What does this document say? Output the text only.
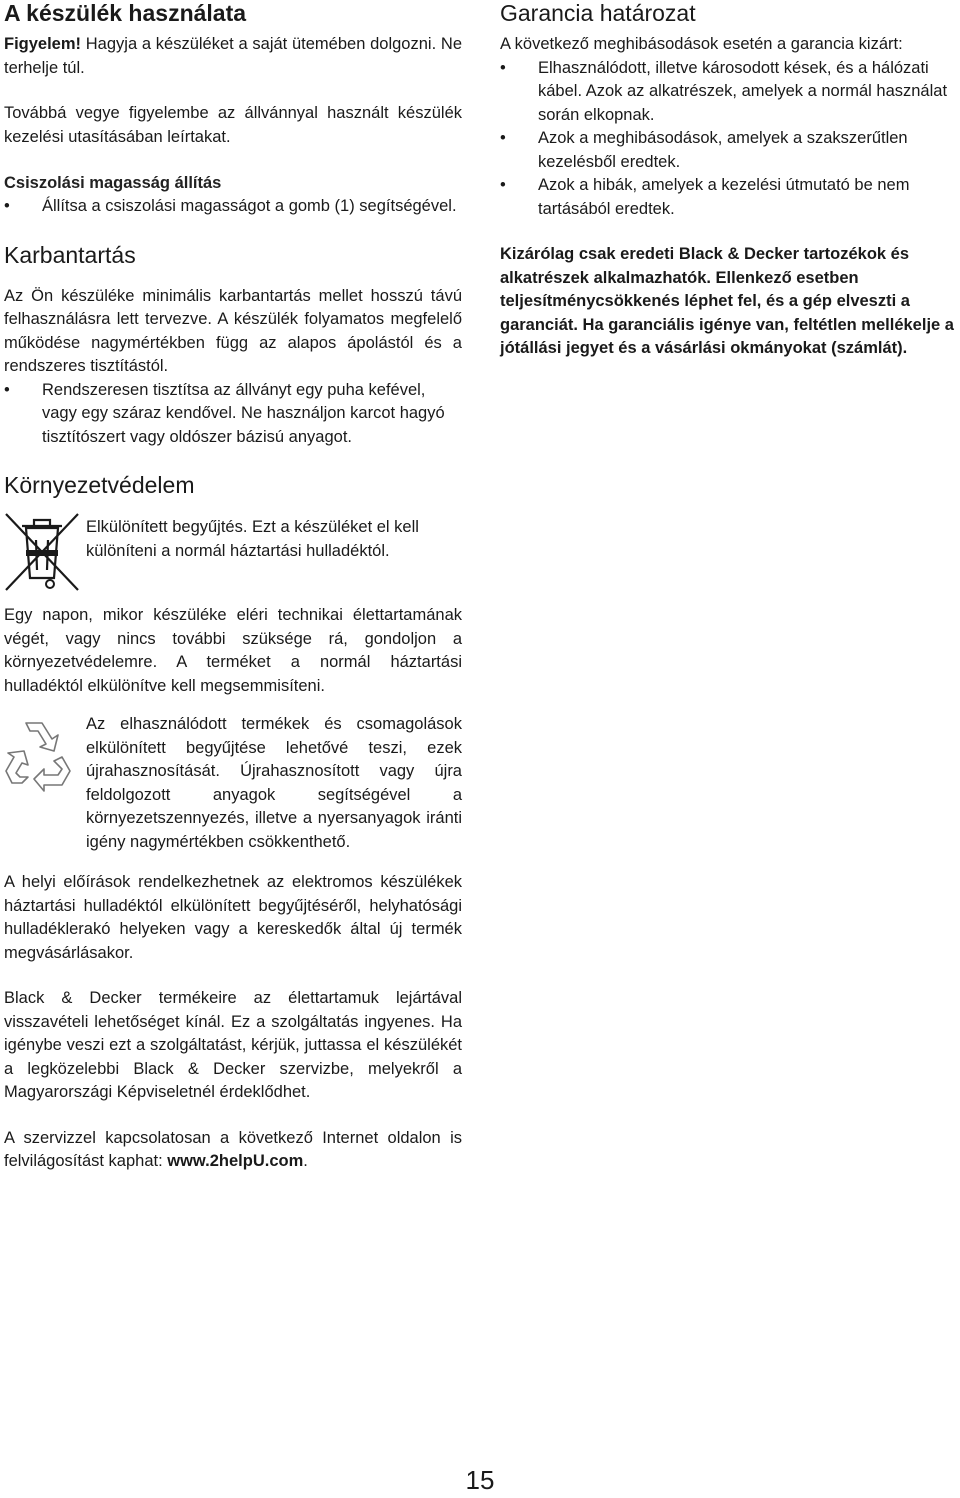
A készülék használata

Figyelem! Hagyja a készüléket a saját ütemében dolgozni. Ne terhelje túl.

Továbbá vegye figyelembe az állvánnyal használt készülék kezelési utasításában leírtakat.

Csiszolási magasság állítás
• Állítsa a csiszolási magasságot a gomb (1) segítségével.
Karbantartás

Az Ön készüléke minimális karbantartás mellet hosszú távú felhasználásra lett tervezve. A készülék folyamatos megfelelő működése nagymértékben függ az alapos ápolástól és a rendszeres tisztítástól.

• Rendszeresen tisztítsa az állványt egy puha kefével, vagy egy száraz kendővel. Ne használjon karcot hagyó tisztítószert vagy oldószer bázisú anyagot.
Környezetvédelem

Elkülönített begyűjtés. Ezt a készüléket el kell különíteni a normál háztartási hulladéktól.

Egy napon, mikor készüléke eléri technikai élettartamának végét, vagy nincs további szüksége rá, gondoljon a környezetvédelemre. A terméket a normál háztartási hulladéktól elkülönítve kell megsemmisíteni.

Az elhasználódott termékek és csomagolások elkülönített begyűjtése lehetővé teszi, ezek újrahasznosítását. Újrahasznosított vagy újra feldolgozott anyagok segítségével a környezetszennyezés, illetve a nyersanyagok iránti igény nagymértékben csökkenthető.

A helyi előírások rendelkezhetnek az elektromos készülékek háztartási hulladéktól elkülönített begyűjtéséről, helyhatósági hulladéklerakó helyeken vagy a kereskedők által új termék megvásárlásakor.

Black & Decker termékeire az élettartamuk lejártával visszavételi lehetőséget kínál. Ez a szolgáltatás ingyenes. Ha igénybe veszi ezt a szolgáltatást, kérjük, juttassa el készülékét a legközelebbi Black & Decker szervizbe, melyekről a Magyarországi Képviseletnél érdeklődhet.

A szervizzel kapcsolatosan a következő Internet oldalon is felvilágosítást kaphat: www.2helpU.com.

Garancia határozat

A következő meghibásodások esetén a garancia kizárt:

• Elhasználódott, illetve károsodott kések, és a hálózati kábel. Azok az alkatrészek, amelyek a normál használat során elkopnak.
• Azok a meghibásodások, amelyek a szakszerűtlen kezelésből eredtek.
• Azok a hibák, amelyek a kezelési útmutató be nem tartásából eredtek.

Kizárólag csak eredeti Black & Decker tartozékok és alkatrészek alkalmazhatók. Ellenkező esetben teljesítménycsökkenés léphet fel, és a gép elveszti a garanciát. Ha garanciális igénye van, feltétlen mellékelje a jótállási jegyet és a vásárlási okmányokat (számlát).

15
